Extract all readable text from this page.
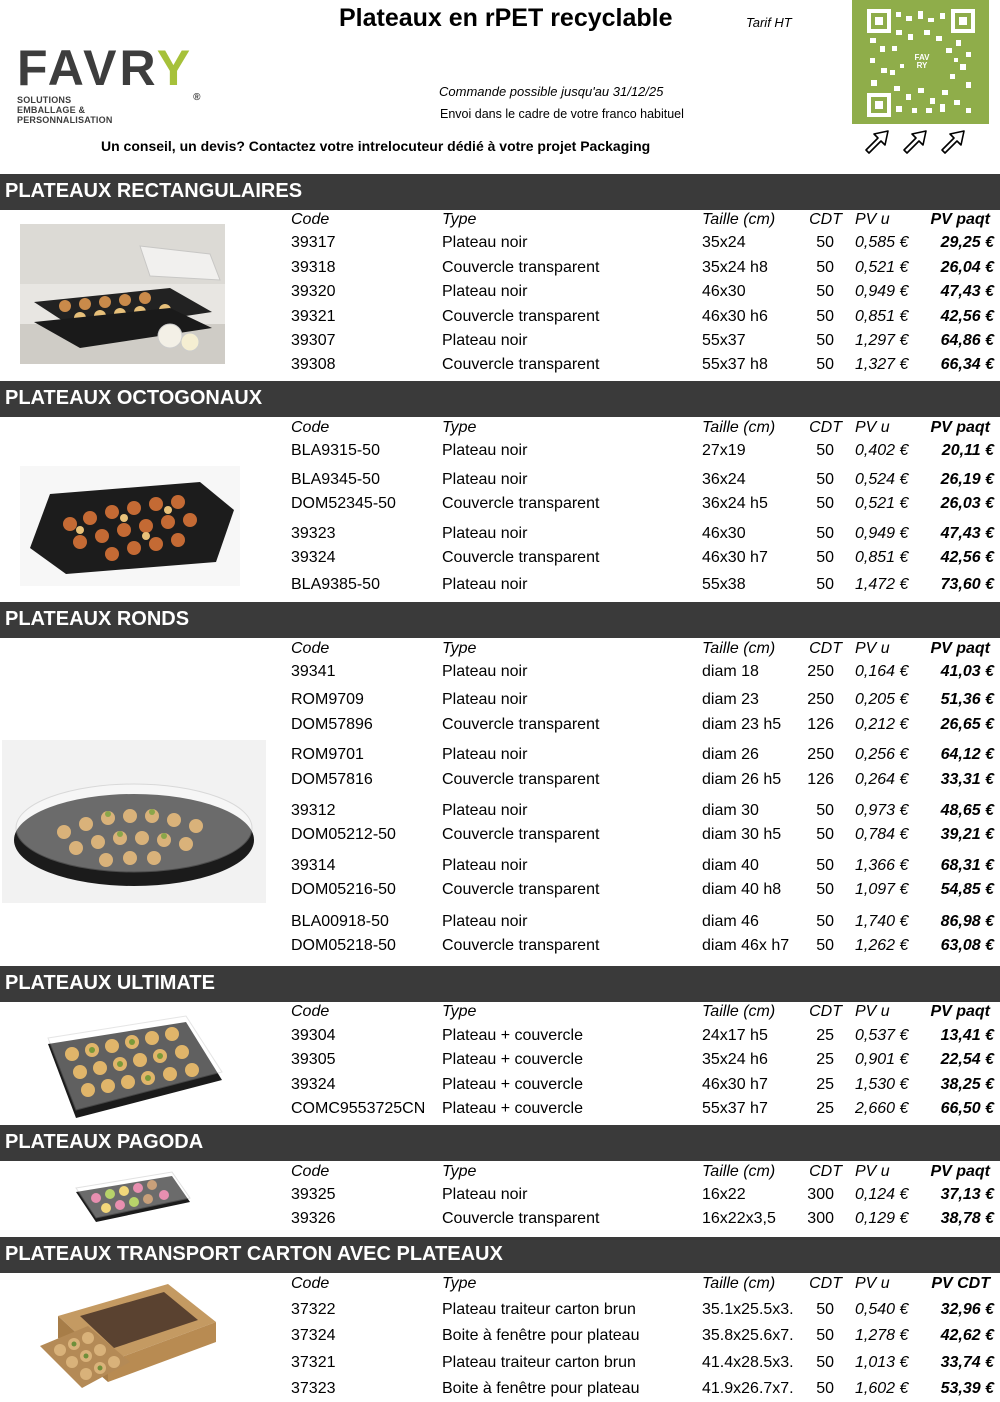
FAVRY®
SOLUTIONS EMBALLAGE & PERSONNALISATION
Plateaux en rPET recyclable	Tarif HT
Commande possible jusqu'au 31/12/25
Envoi dans le cadre de votre franco habituel
Un conseil, un devis? Contactez votre intrelocuteur dédié à votre projet Packaging
FAV
RY
PLATEAUX RECTANGULAIRES
PLATEAUX OCTOGONAUX
PLATEAUX RONDS
PLATEAUX ULTIMATE
PLATEAUX PAGODA
PLATEAUX TRANSPORT CARTON AVEC PLATEAUX
Code	Type	Taille (cm) CDT PV u	PV paqt
39317	Plateau noir	35x24	50 0,585 € 29,25 €
39318	Couvercle transparent	35x24 h8	50 0,521 € 26,04 €
39320	Plateau noir	46x30	50 0,949 € 47,43 €
39321	Couvercle transparent	46x30 h6	50 0,851 € 42,56 €
39307	Plateau noir	55x37	50 1,297 € 64,86 €
39308	Couvercle transparent	55x37 h8	50 1,327 € 66,34 €
Code	Type	Taille (cm) CDT PV u	PV paqt
BLA9315-50	Plateau noir	27x19	50 0,402 € 20,11 €
BLA9345-50	Plateau noir	36x24	50 0,524 € 26,19 €
DOM52345-50	Couvercle transparent	36x24 h5	50 0,521 € 26,03 €
39323	Plateau noir	46x30	50 0,949 € 47,43 €
39324	Couvercle transparent	46x30 h7	50 0,851 € 42,56 €
BLA9385-50	Plateau noir	55x38	50 1,472 € 73,60 €
Code	Type	Taille (cm) CDT PV u	PV paqt
39341	Plateau noir	diam 18	250 0,164 € 41,03 €
ROM9709	Plateau noir	diam 23	250 0,205 € 51,36 €
DOM57896	Couvercle transparent	diam 23 h5 126 0,212 € 26,65 €
ROM9701	Plateau noir	diam 26	250 0,256 € 64,12 €
DOM57816	Couvercle transparent	diam 26 h5 126 0,264 € 33,31 €
39312	Plateau noir	diam 30	50 0,973 € 48,65 €
DOM05212-50	Couvercle transparent	diam 30 h5 50 0,784 € 39,21 €
39314	Plateau noir	diam 40	50 1,366 € 68,31 €
DOM05216-50	Couvercle transparent	diam 40 h8 50 1,097 € 54,85 €
BLA00918-50	Plateau noir	diam 46	50 1,740 € 86,98 €
DOM05218-50	Couvercle transparent	diam 46x h7 50 1,262 € 63,08 €
Code	Type	Taille (cm) CDT PV u	PV paqt
39304	Plateau + couvercle	24x17 h5	25 0,537 € 13,41 €
39305	Plateau + couvercle	35x24 h6	25 0,901 € 22,54 €
39324	Plateau + couvercle	46x30 h7	25 1,530 € 38,25 €
COMC9553725CN Plateau + couvercle	55x37 h7	25 2,660 € 66,50 €
Code	Type	Taille (cm) CDT PV u	PV paqt
39325	Plateau noir	16x22	300 0,124 € 37,13 €
39326	Couvercle transparent	16x22x3,5 300 0,129 € 38,78 €
Code	Type	Taille (cm) CDT PV u	PV CDT
37322	Plateau traiteur carton brun	35.1x25.5x3. 50 0,540 € 32,96 €
37324	Boite à fenêtre pour plateau	35.8x25.6x7. 50 1,278 € 42,62 €
37321	Plateau traiteur carton brun	41.4x28.5x3. 50 1,013 € 33,74 €
37323	Boite à fenêtre pour plateau	41.9x26.7x7. 50 1,602 € 53,39 €
